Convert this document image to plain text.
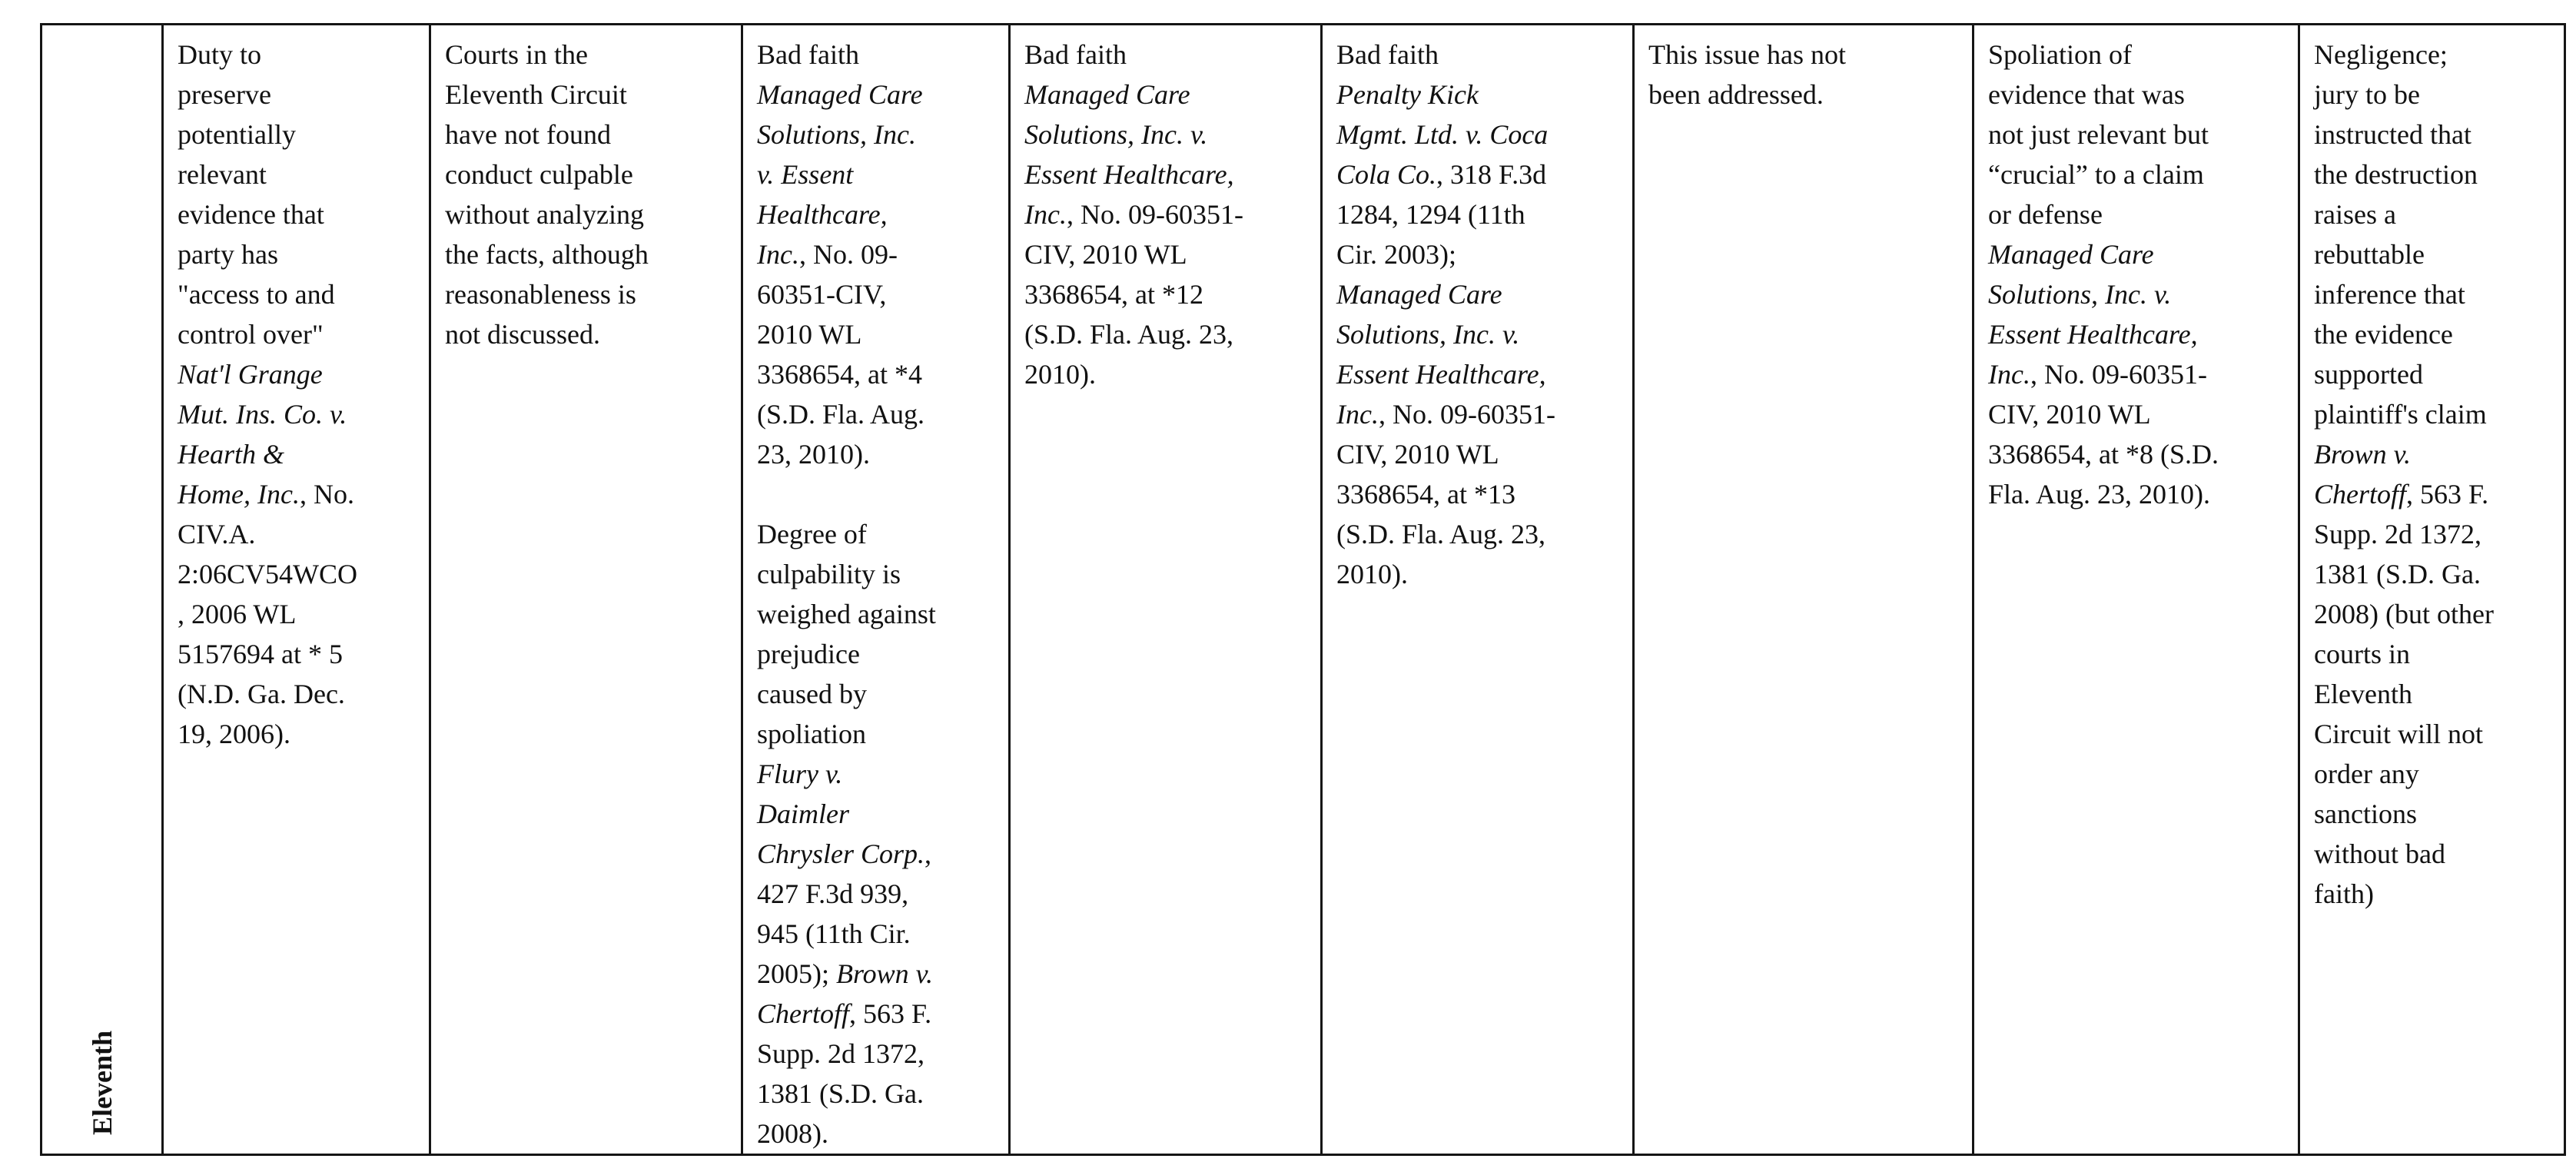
Eleventh

Duty to
preserve
potentially
relevant
evidence that
party has
"access to and
control over"
Nat'l Grange
Mut. Ins. Co. v.
Hearth &
Home, Inc., No.
CIV.A.
2:06CV54WCO
, 2006 WL
5157694 at * 5
(N.D. Ga. Dec.
19, 2006).

Courts in the
Eleventh Circuit
have not found
conduct culpable
without analyzing
the facts, although
reasonableness is
not discussed.

Bad faith
Managed Care
Solutions, Inc.
v. Essent
Healthcare,
Inc., No. 09-
60351-CIV,
2010 WL
3368654, at *4
(S.D. Fla. Aug.
23, 2010).
Degree of
culpability is
weighed against
prejudice
caused by
spoliation
Flury v.
Daimler
Chrysler Corp.,
427 F.3d 939,
945 (11th Cir.
2005); Brown v.
Chertoff, 563 F.
Supp. 2d 1372,
1381 (S.D. Ga.
2008).

Bad faith
Managed Care
Solutions, Inc. v.
Essent Healthcare,
Inc., No. 09-60351-
CIV, 2010 WL
3368654, at *12
(S.D. Fla. Aug. 23,
2010).

Bad faith
Penalty Kick
Mgmt. Ltd. v. Coca
Cola Co., 318 F.3d
1284, 1294 (11th
Cir. 2003);
Managed Care
Solutions, Inc. v.
Essent Healthcare,
Inc., No. 09-60351-
CIV, 2010 WL
3368654, at *13
(S.D. Fla. Aug. 23,
2010).

This issue has not
been addressed.

Spoliation of
evidence that was
not just relevant but
“crucial” to a claim
or defense
Managed Care
Solutions, Inc. v.
Essent Healthcare,
Inc., No. 09-60351-
CIV, 2010 WL
3368654, at *8 (S.D.
Fla. Aug. 23, 2010).

Negligence;
jury to be
instructed that
the destruction
raises a
rebuttable
inference that
the evidence
supported
plaintiff's claim
Brown v.
Chertoff, 563 F.
Supp. 2d 1372,
1381 (S.D. Ga.
2008) (but other
courts in
Eleventh
Circuit will not
order any
sanctions
without bad
faith)
